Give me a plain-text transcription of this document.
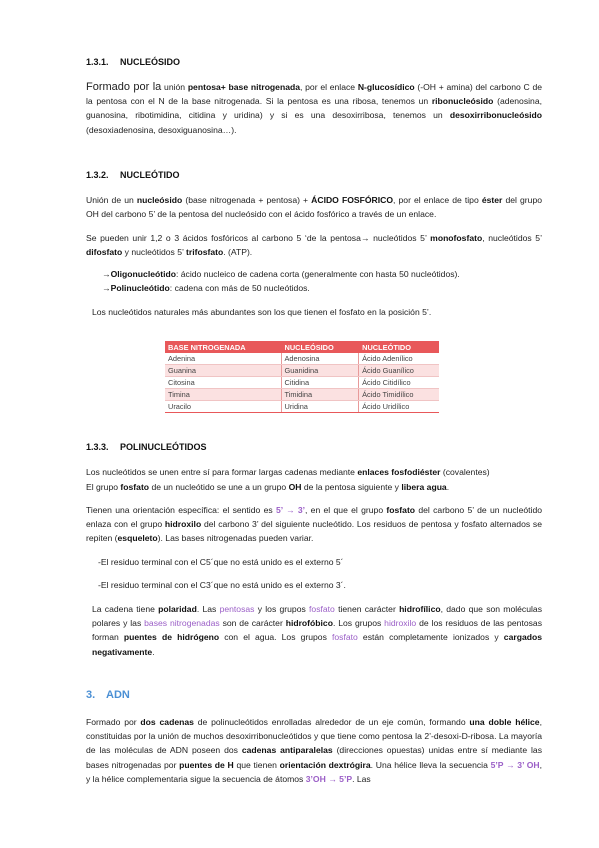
1.3.1. NUCLEÓSIDO
Formado por la unión pentosa+ base nitrogenada, por el enlace N-glucosídico (-OH + amina) del carbono C de la pentosa con el N de la base nitrogenada. Si la pentosa es una ribosa, tenemos un ribonucleósido (adenosina, guanosina, ribotimidina, citidina y uridina) y si es una desoxirribosa, tenemos un desoxirribonucleósido (desoxiadenosina, desoxiguanosina…).
1.3.2. NUCLEÓTIDO
Unión de un nucleósido (base nitrogenada + pentosa) + ÁCIDO FOSFÓRICO, por el enlace de tipo éster del grupo OH del carbono 5’ de la pentosa del nucleósido con el ácido fosfórico a través de un enlace.
Se pueden unir 1,2 o 3 ácidos fosfóricos al carbono 5 ‘de la pentosa→ nucleótidos 5’ monofosfato, nucleótidos 5’ difosfato y nucleótidos 5’ trifosfato. (ATP).
→Oligonucleótido: ácido nucleico de cadena corta (generalmente con hasta 50 nucleótidos).
→Polinucleótido: cadena con más de 50 nucleótidos.
Los nucleótidos naturales más abundantes son los que tienen el fosfato en la posición 5’.
BASE NITROGENADA	NUCLEÓSIDO	NUCLEÓTIDO
Adenina	Adenosina	Ácido Adenílico
Guanina	Guanidina	Ácido Guanílico
Citosina	Citidina	Ácido Citidílico
Timina	Timidina	Ácido Timidílico
Uracilo	Uridina	Ácido Uridílico
1.3.3. POLINUCLEÓTIDOS
Los nucleótidos se unen entre sí para formar largas cadenas mediante enlaces fosfodiéster (covalentes)
El grupo fosfato de un nucleótido se une a un grupo OH de la pentosa siguiente y libera agua.
Tienen una orientación específica: el sentido es 5’ → 3’, en el que el grupo fosfato del carbono 5’ de un nucleótido enlaza con el grupo hidroxilo del carbono 3’ del siguiente nucleótido. Los residuos de pentosa y fosfato alternados se repiten (esqueleto). Las bases nitrogenadas pueden variar.
-El residuo terminal con el C5´que no está unido es el externo 5´
-El residuo terminal con el C3´que no está unido es el externo 3´.
La cadena tiene polaridad. Las pentosas y los grupos fosfato tienen carácter hidrofílico, dado que son moléculas polares y las bases nitrogenadas son de carácter hidrofóbico. Los grupos hidroxilo de los residuos de las pentosas forman puentes de hidrógeno con el agua. Los grupos fosfato están completamente ionizados y cargados negativamente.
3. ADN
Formado por dos cadenas de polinucleótidos enrolladas alrededor de un eje común, formando una doble hélice, constituidas por la unión de muchos desoxirribonucleótidos y que tiene como pentosa la 2’-desoxi-D-ribosa. La mayoría de las moléculas de ADN poseen dos cadenas antiparalelas (direcciones opuestas) unidas entre sí mediante las bases nitrogenadas por puentes de H que tienen orientación dextrógira. Una hélice lleva la secuencia 5’P → 3’ OH, y la hélice complementaria sigue la secuencia de átomos 3’OH → 5’P. Las
